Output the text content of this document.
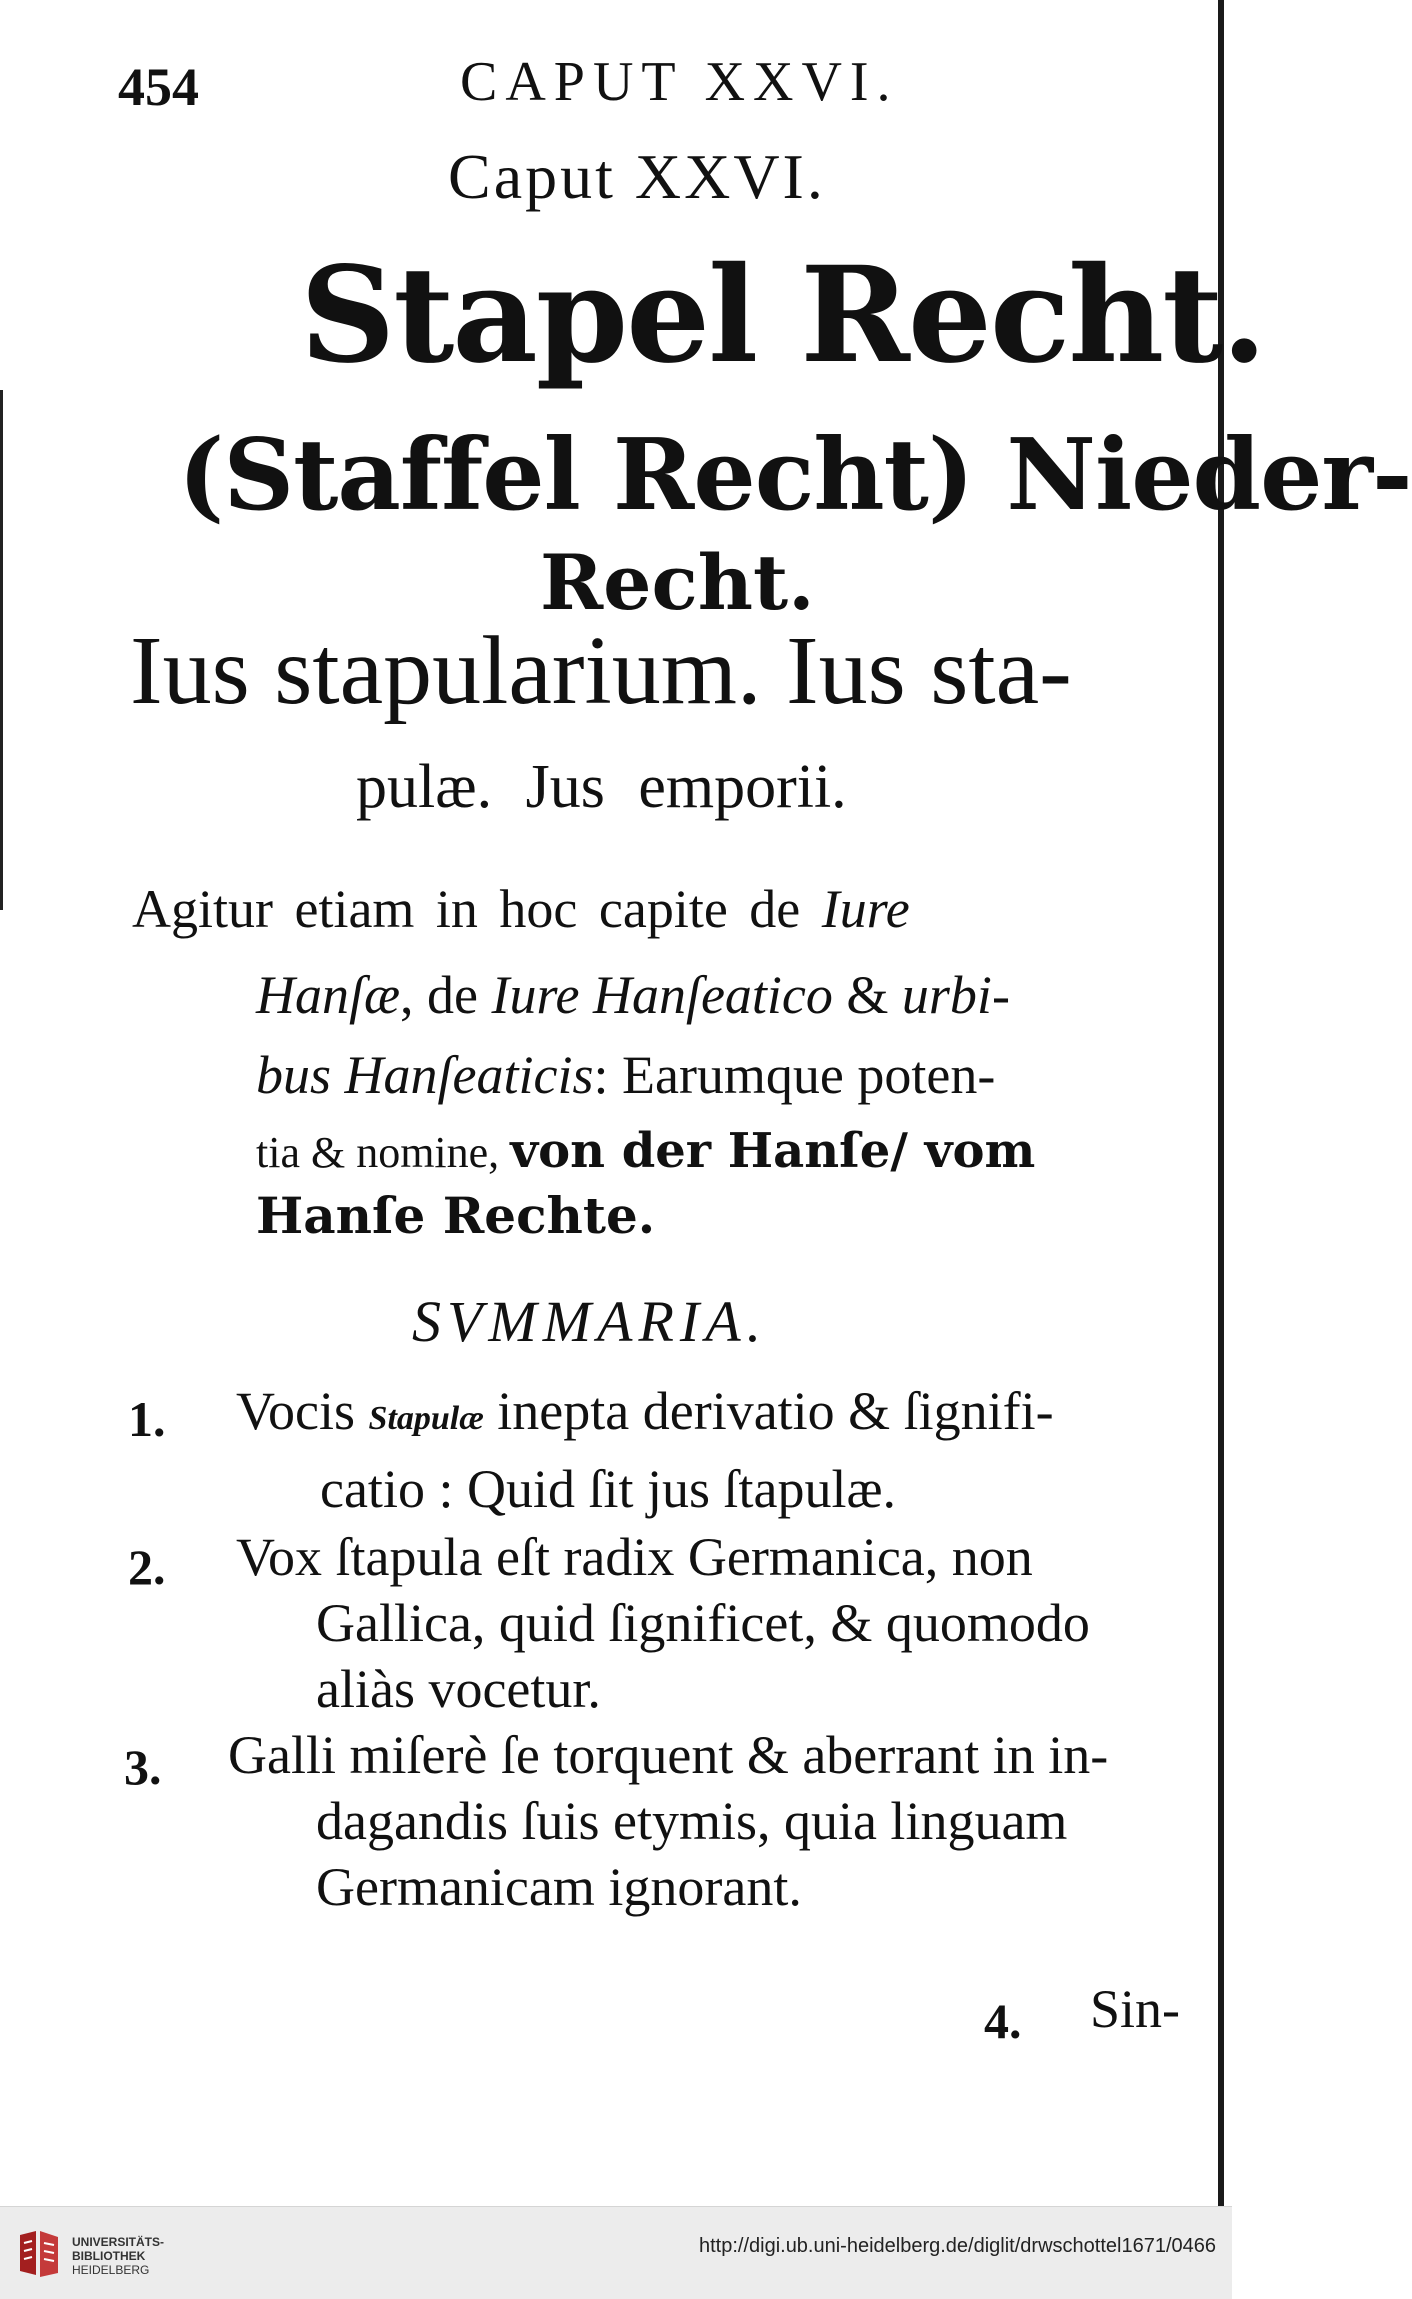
454	CAPUT XXVI.
Caput XXVI.
Stapel Recht.
(Staffel Recht) Nieder-
Recht.
Ius stapularium. Ius sta-
pulæ. Jus emporii.
Agitur etiam in hoc capite de Iure
Hanſæ, de Iure Hanſeatico & urbi-
bus Hanſeaticis: Earumque poten-
tia & nomine, von der Hanſe/ vom
Hanſe Rechte.
SVMMARIA.
1. Vocis Stapulæ inepta derivatio & ſignifi-
catio : Quid ſit jus ſtapulæ.
2. Vox ſtapula eſt radix Germanica, non
Gallica, quid ſignificet, & quomodo
aliàs vocetur.
3. Galli miſerè ſe torquent & aberrant in in-
dagandis ſuis etymis, quia linguam
Germanicam ignorant.
4. Sin-
UNIVERSITÄTS-
BIBLIOTHEK
HEIDELBERG
http://digi.ub.uni-heidelberg.de/diglit/drwschottel1671/0466
